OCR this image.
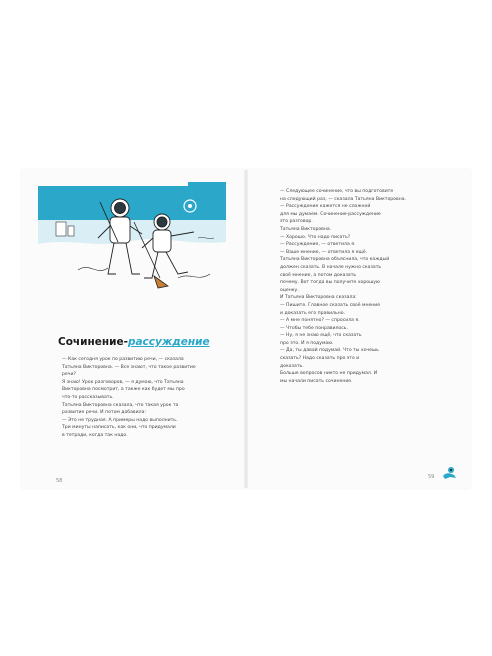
Сочинение-рассуждение

— Как сегодня урок по развитию речи, — сказала

Татьяна Викторовна. — Все знают, что такое развитие

речи?

Я знаю! Урок разговоров, — я думаю, что Татьяна

Викторовна посмотрит, а также как будет мы про

что-то рассказывать.

Татьяна Викторовна сказала, что такая урок та

развитие речи. И потом добавила:

— Это не трудная. А примеры надо выполнить.

Три минуты написать, как они, что придумали

в тетради, когда так надо.

58

— Следующее сочинение, что вы подготовите

на следующий раз, — сказала Татьяна Викторовна.

— Рассуждение кажется не сложной

для мы думаем. Сочинение-рассуждение

это разговор.

Татьяна Викторовна.

— Хорошо. Что надо писать?

— Рассуждение, — ответила я.

— Ваше мнение, — ответила я ещё.

Татьяна Викторовна объяснила, что каждый

должен сказать. В начале нужно сказать

своё мнение, а потом доказать

почему. Вот тогда вы получите хорошую

оценку.

И Татьяна Викторовна сказала:

— Пишите. Главное сказать своё мнение

и доказать его правильно.

— А мне понятно? — спросила я.

— Чтобы тебе понравилось.

— Ну, я не знаю ещё, что сказать

про это. И я подумаю.

— Да, ты давай подумай. Что ты хочешь

сказать? Надо сказать про это и

доказать.

Больше вопросов никто не придумал. И

мы начали писать сочинение.

59
